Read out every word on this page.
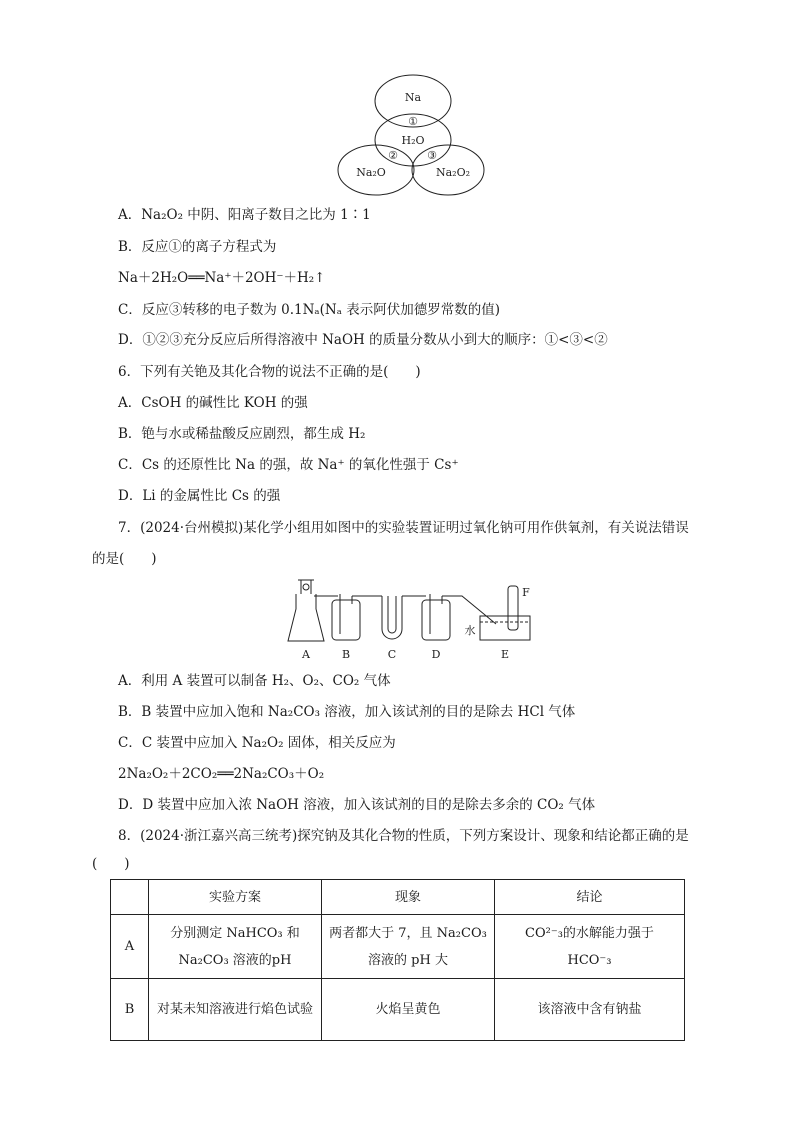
Na
①
H₂O
②	③
Na₂O	Na₂O₂
A．Na₂O₂ 中阴、阳离子数目之比为 1∶1
B．反应①的离子方程式为
Na＋2H₂O══Na⁺＋2OH⁻＋H₂↑
C．反应③转移的电子数为 0.1Nₐ(Nₐ 表示阿伏加德罗常数的值)
D．①②③充分反应后所得溶液中 NaOH 的质量分数从小到大的顺序：①<③<②
6．下列有关铯及其化合物的说法不正确的是(　　)
A．CsOH 的碱性比 KOH 的强
B．铯与水或稀盐酸反应剧烈，都生成 H₂
C．Cs 的还原性比 Na 的强，故 Na⁺ 的氧化性强于 Cs⁺
D．Li 的金属性比 Cs 的强
7．(2024·台州模拟)某化学小组用如图中的实验装置证明过氧化钠可用作供氧剂，有关说法错误
的是(　　)
A	B	C	D	E
水
F
A．利用 A 装置可以制备 H₂、O₂、CO₂ 气体
B．B 装置中应加入饱和 Na₂CO₃ 溶液，加入该试剂的目的是除去 HCl 气体
C．C 装置中应加入 Na₂O₂ 固体，相关反应为
2Na₂O₂＋2CO₂══2Na₂CO₃＋O₂
D．D 装置中应加入浓 NaOH 溶液，加入该试剂的目的是除去多余的 CO₂ 气体
8．(2024·浙江嘉兴高三统考)探究钠及其化合物的性质，下列方案设计、现象和结论都正确的是
(　　)
	实验方案	现象	结论
A	分别测定 NaHCO₃ 和 Na₂CO₃ 溶液的pH	两者都大于 7，且 Na₂CO₃ 溶液的 pH 大	CO²⁻₃的水解能力强于 HCO⁻₃
B	对某未知溶液进行焰色试验	火焰呈黄色	该溶液中含有钠盐
